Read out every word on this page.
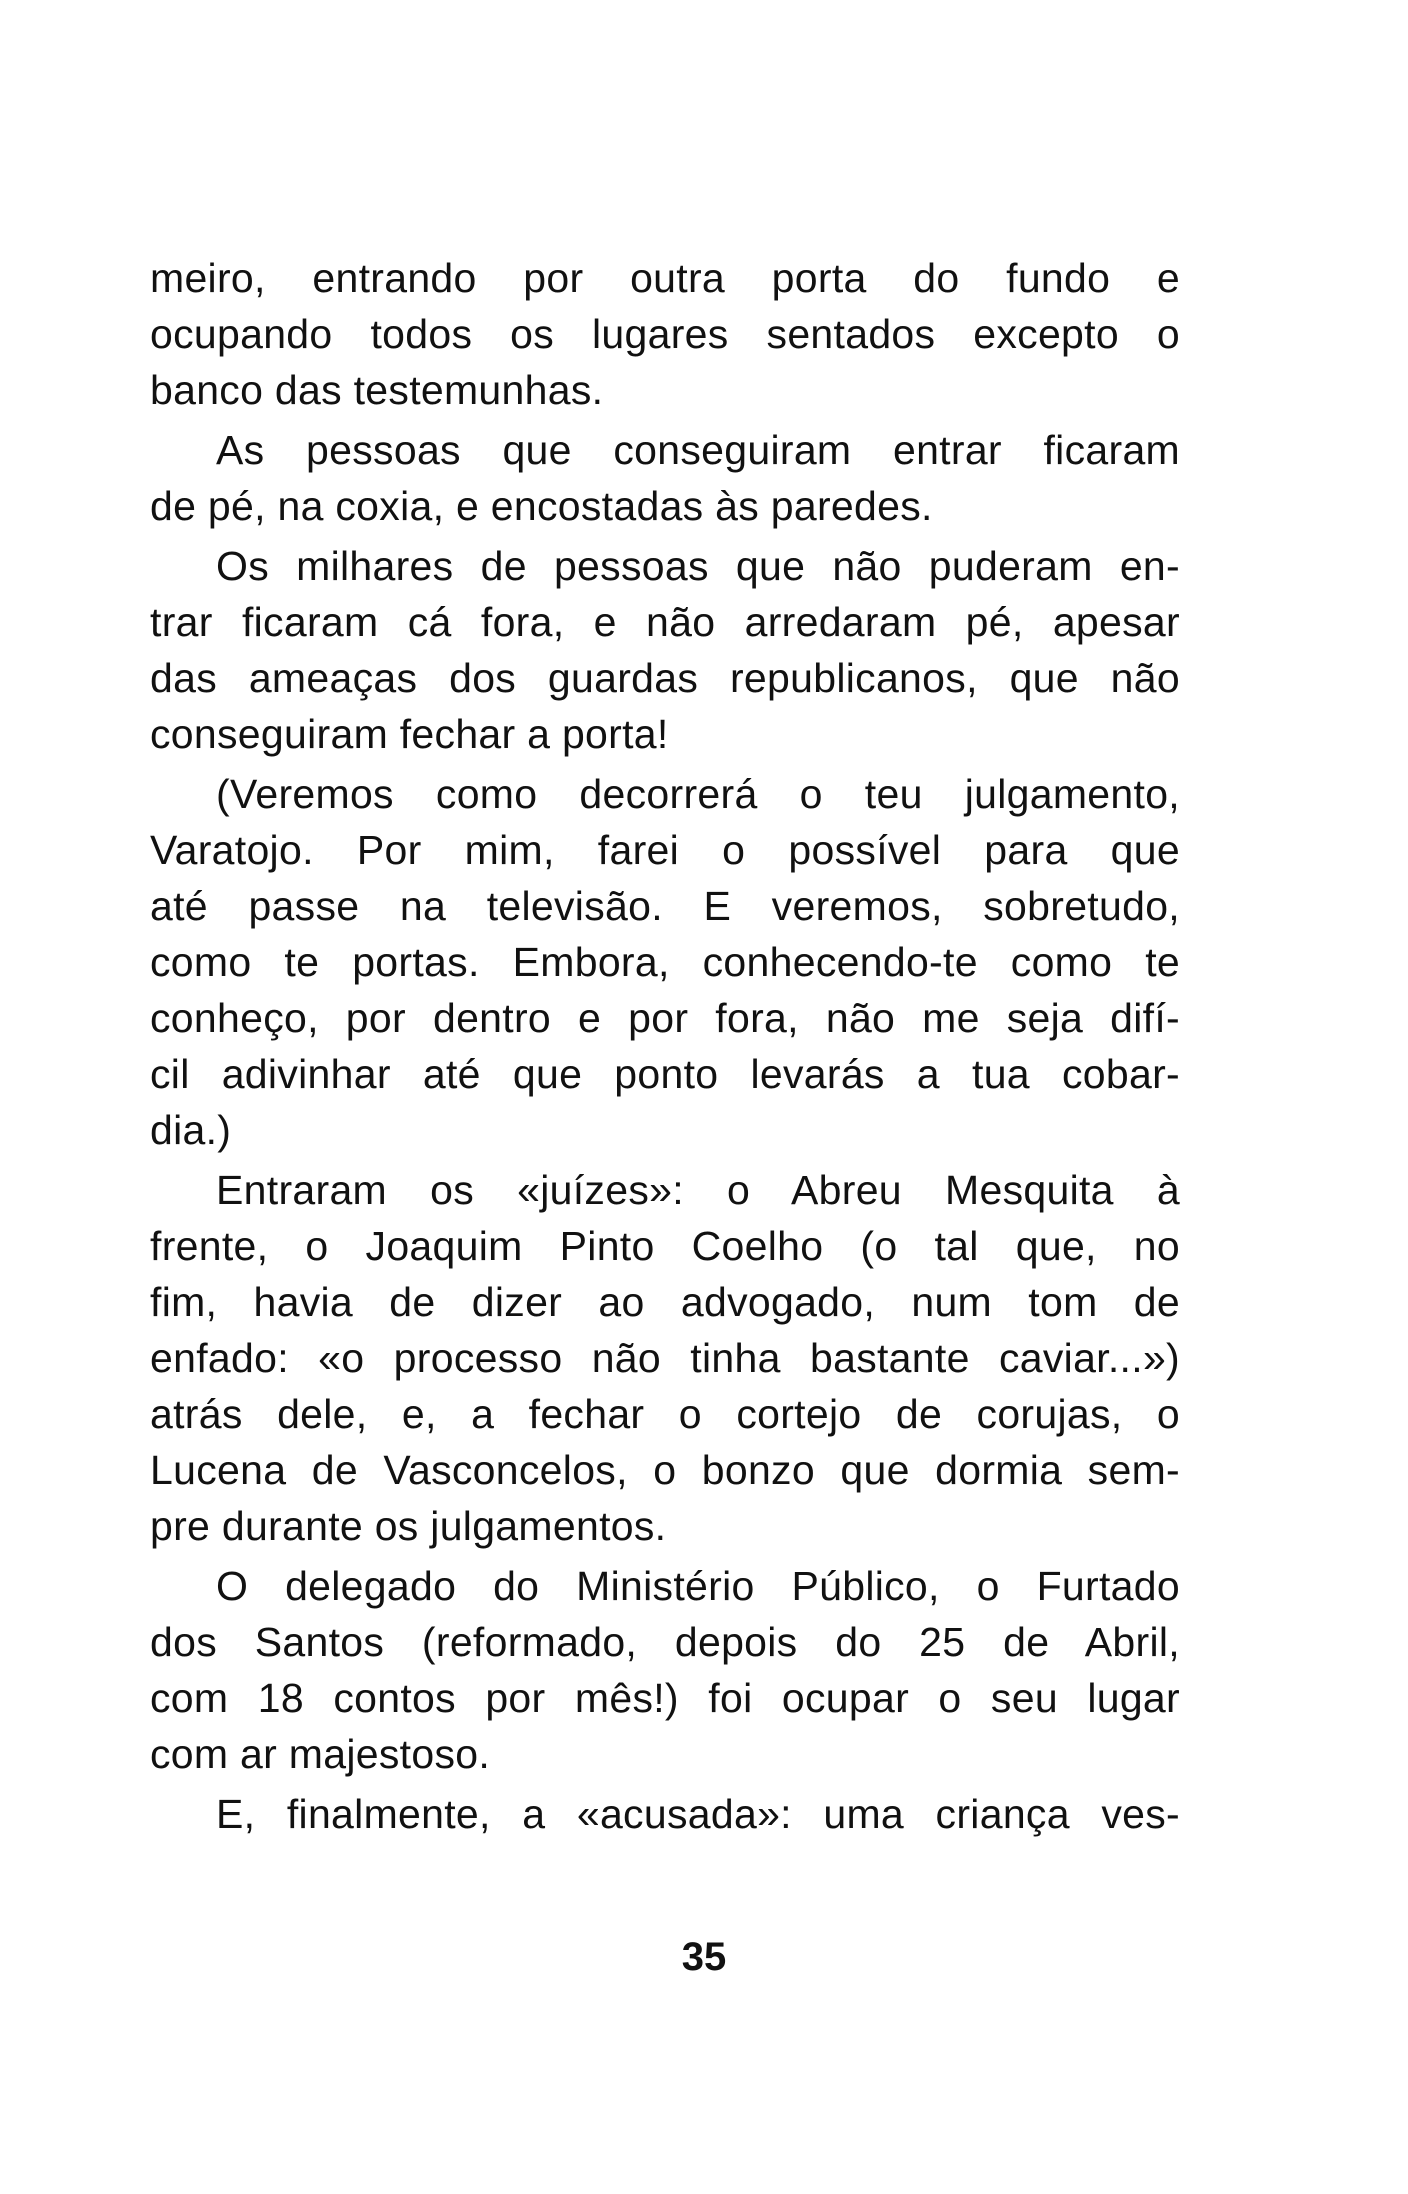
meiro, entrando por outra porta do fundo e
ocupando todos os lugares sentados excepto o
banco das testemunhas.
As pessoas que conseguiram entrar ficaram
de pé, na coxia, e encostadas às paredes.
Os milhares de pessoas que não puderam en-
trar ficaram cá fora, e não arredaram pé, apesar
das ameaças dos guardas republicanos, que não
conseguiram fechar a porta!
(Veremos como decorrerá o teu julgamento,
Varatojo. Por mim, farei o possível para que
até passe na televisão. E veremos, sobretudo,
como te portas. Embora, conhecendo-te como te
conheço, por dentro e por fora, não me seja difí-
cil adivinhar até que ponto levarás a tua cobar-
dia.)
Entraram os «juízes»: o Abreu Mesquita à
frente, o Joaquim Pinto Coelho (o tal que, no
fim, havia de dizer ao advogado, num tom de
enfado: «o processo não tinha bastante caviar...»)
atrás dele, e, a fechar o cortejo de corujas, o
Lucena de Vasconcelos, o bonzo que dormia sem-
pre durante os julgamentos.
O delegado do Ministério Público, o Furtado
dos Santos (reformado, depois do 25 de Abril,
com 18 contos por mês!) foi ocupar o seu lugar
com ar majestoso.
E, finalmente, a «acusada»: uma criança ves-
35
